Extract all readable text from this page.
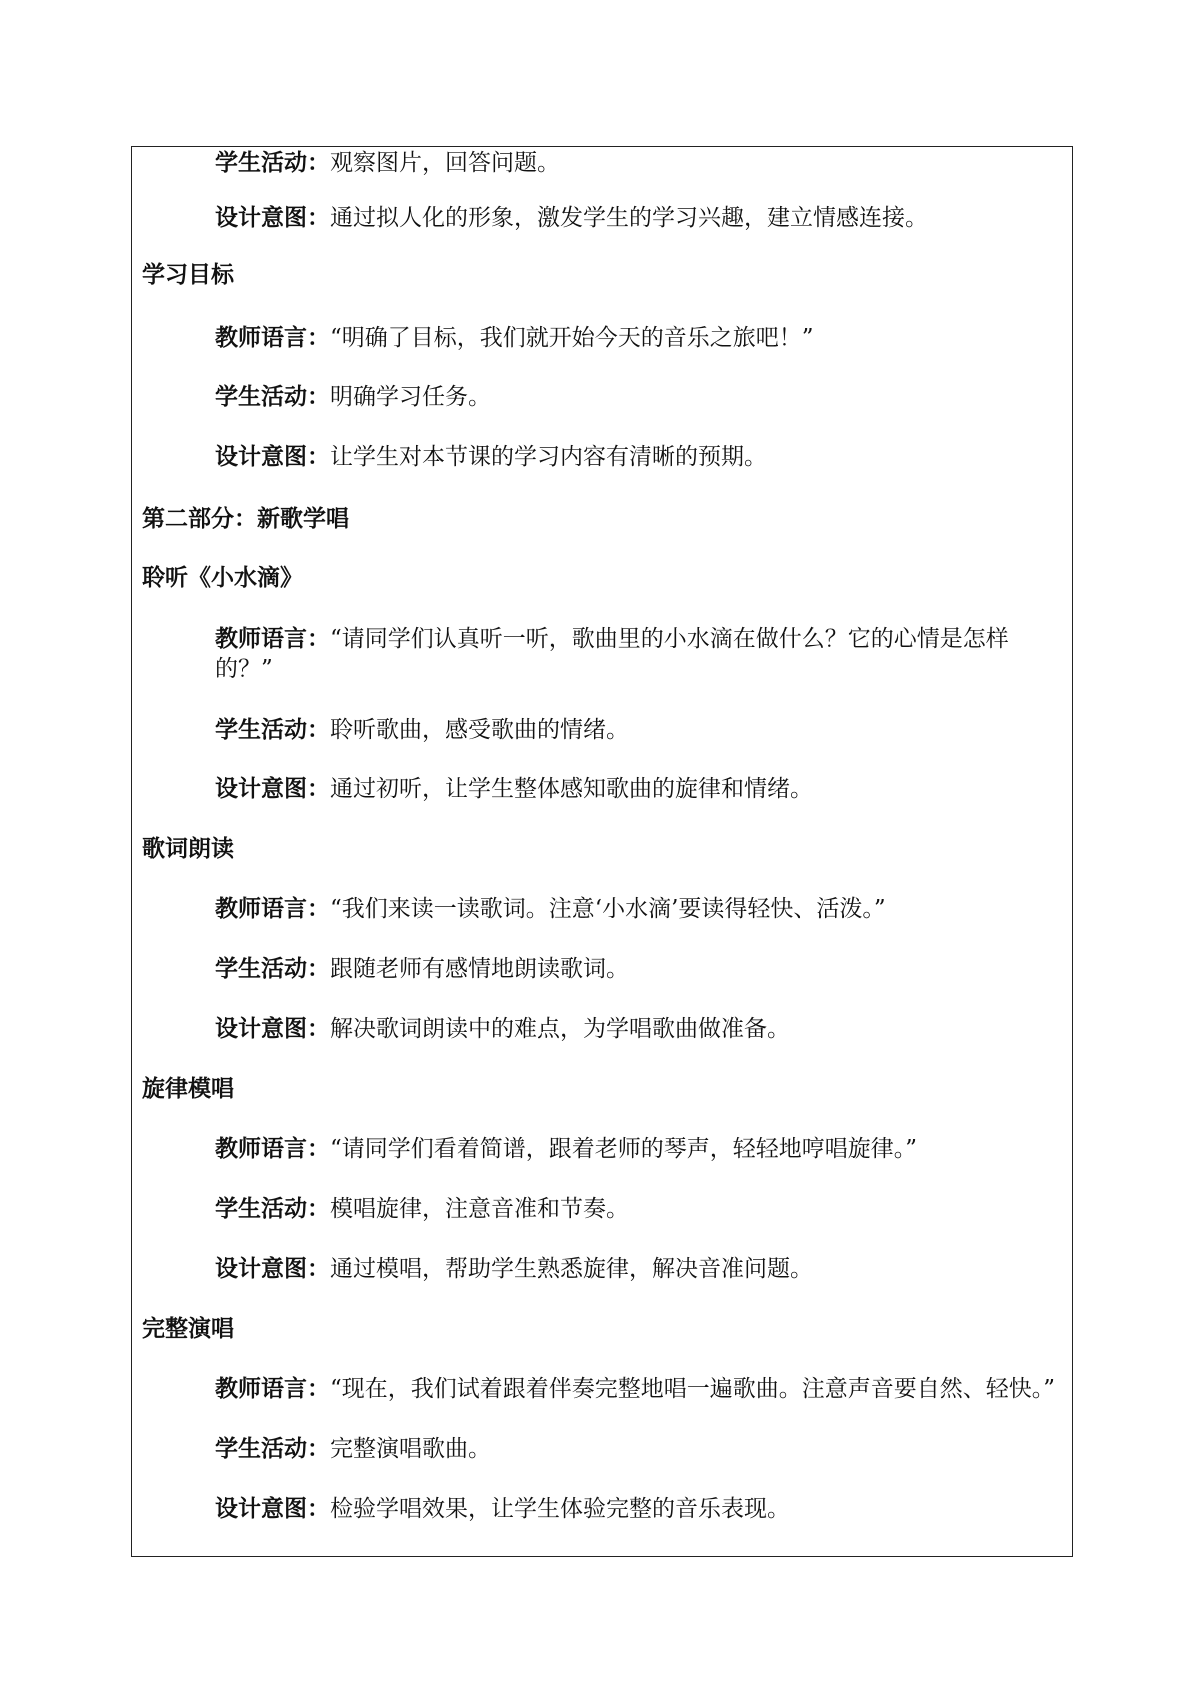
学生活动：观察图片，回答问题。
设计意图：通过拟人化的形象，激发学生的学习兴趣，建立情感连接。
学习目标
教师语言：“明确了目标，我们就开始今天的音乐之旅吧！”
学生活动：明确学习任务。
设计意图：让学生对本节课的学习内容有清晰的预期。
第二部分：新歌学唱
聆听《小水滴》
教师语言：“请同学们认真听一听，歌曲里的小水滴在做什么？它的心情是怎样的？”
学生活动：聆听歌曲，感受歌曲的情绪。
设计意图：通过初听，让学生整体感知歌曲的旋律和情绪。
歌词朗读
教师语言：“我们来读一读歌词。注意‘小水滴’要读得轻快、活泼。”
学生活动：跟随老师有感情地朗读歌词。
设计意图：解决歌词朗读中的难点，为学唱歌曲做准备。
旋律模唱
教师语言：“请同学们看着简谱，跟着老师的琴声，轻轻地哼唱旋律。”
学生活动：模唱旋律，注意音准和节奏。
设计意图：通过模唱，帮助学生熟悉旋律，解决音准问题。
完整演唱
教师语言：“现在，我们试着跟着伴奏完整地唱一遍歌曲。注意声音要自然、轻快。”
学生活动：完整演唱歌曲。
设计意图：检验学唱效果，让学生体验完整的音乐表现。
